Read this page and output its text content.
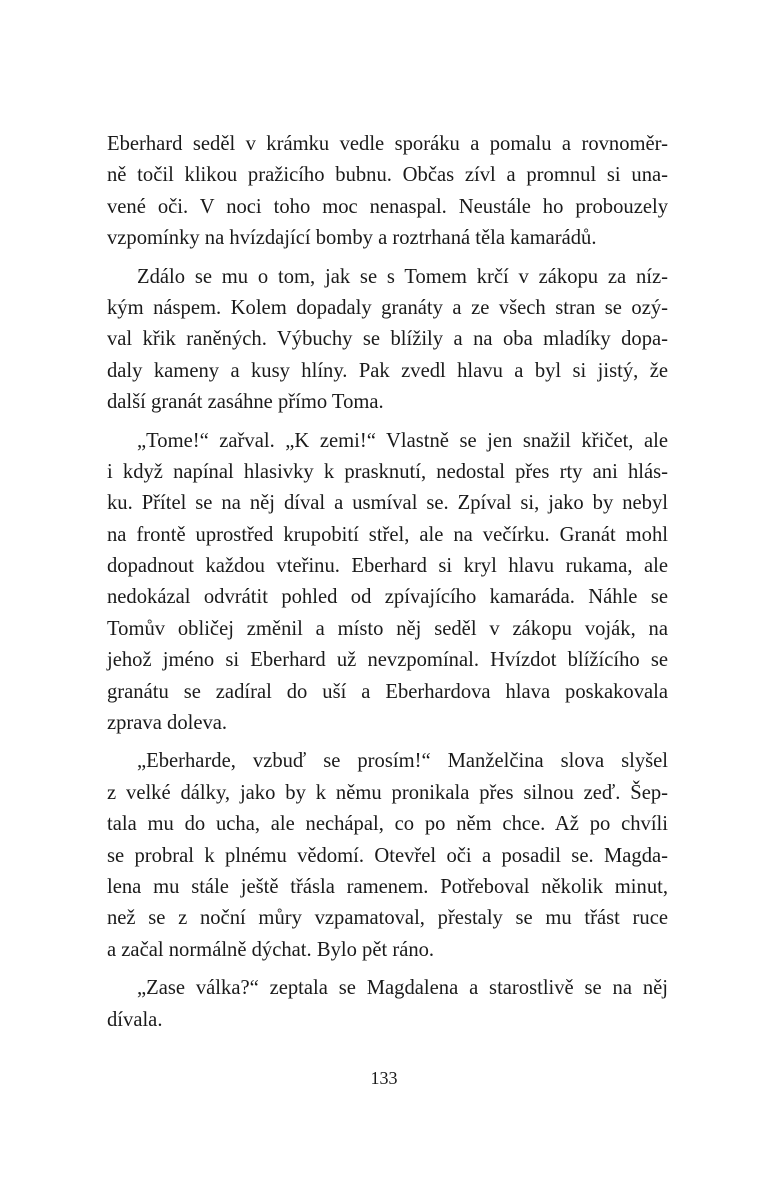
Eberhard seděl v krámku vedle sporáku a pomalu a rovnoměr-
ně točil klikou pražicího bubnu. Občas zívl a promnul si una-
vené oči. V noci toho moc nenaspal. Neustále ho probouzely
vzpomínky na hvízdající bomby a roztrhaná těla kamarádů.
Zdálo se mu o tom, jak se s Tomem krčí v zákopu za níz-
kým náspem. Kolem dopadaly granáty a ze všech stran se ozý-
val křik raněných. Výbuchy se blížily a na oba mladíky dopa-
daly kameny a kusy hlíny. Pak zvedl hlavu a byl si jistý, že
další granát zasáhne přímo Toma.
„Tome!“ zařval. „K zemi!“ Vlastně se jen snažil křičet, ale
i když napínal hlasivky k prasknutí, nedostal přes rty ani hlás-
ku. Přítel se na něj díval a usmíval se. Zpíval si, jako by nebyl
na frontě uprostřed krupobití střel, ale na večírku. Granát mohl
dopadnout každou vteřinu. Eberhard si kryl hlavu rukama, ale
nedokázal odvrátit pohled od zpívajícího kamaráda. Náhle se
Tomův obličej změnil a místo něj seděl v zákopu voják, na
jehož jméno si Eberhard už nevzpomínal. Hvízdot blížícího se
granátu se zadíral do uší a Eberhardova hlava poskakovala
zprava doleva.
„Eberharde, vzbuď se prosím!“ Manželčina slova slyšel
z velké dálky, jako by k němu pronikala přes silnou zeď. Šep-
tala mu do ucha, ale nechápal, co po něm chce. Až po chvíli
se probral k plnému vědomí. Otevřel oči a posadil se. Magda-
lena mu stále ještě třásla ramenem. Potřeboval několik minut,
než se z noční můry vzpamatoval, přestaly se mu třást ruce
a začal normálně dýchat. Bylo pět ráno.
„Zase válka?“ zeptala se Magdalena a starostlivě se na něj
dívala.
133
